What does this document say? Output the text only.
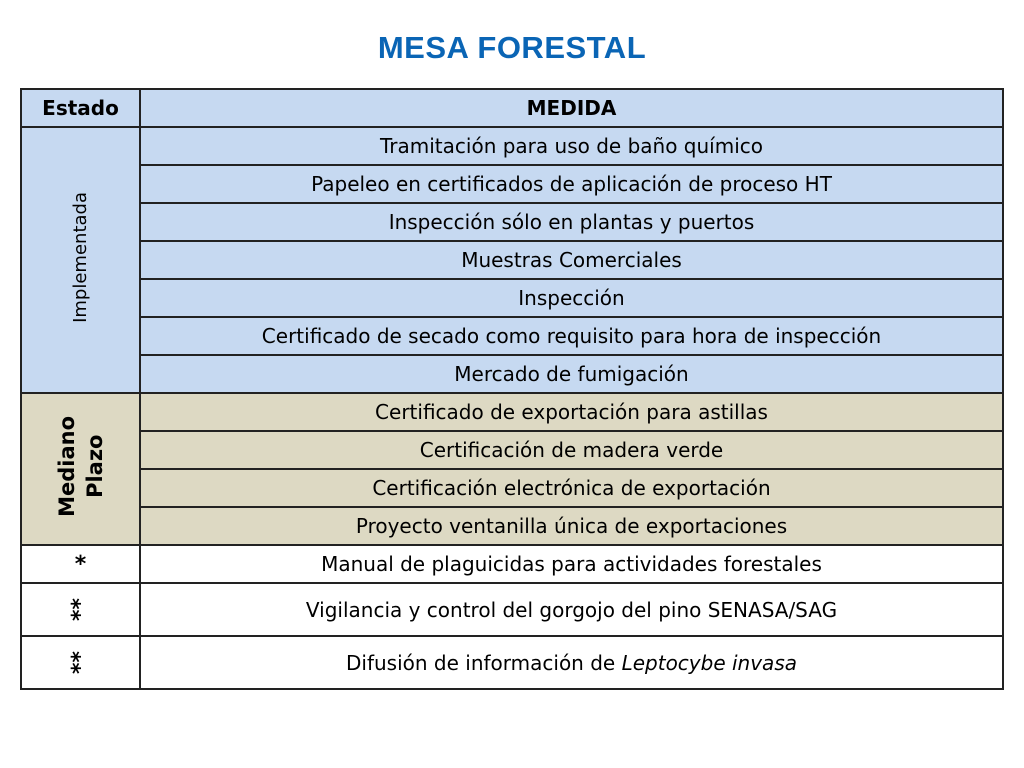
MESA FORESTAL
Estado	MEDIDA
Implementada	Tramitación para uso de baño químico
	Papeleo en certificados de aplicación de proceso HT
	Inspección sólo en plantas y puertos
	Muestras Comerciales
	Inspección
	Certificado de secado como requisito para hora de inspección
	Mercado de fumigación
Mediano Plazo	Certificado de exportación para astillas
	Certificación de madera verde
	Certificación electrónica de exportación
	Proyecto ventanilla única de exportaciones
*	Manual de plaguicidas para actividades forestales
**	Vigilancia y control del gorgojo del pino SENASA/SAG
**	Difusión de información de Leptocybe invasa
